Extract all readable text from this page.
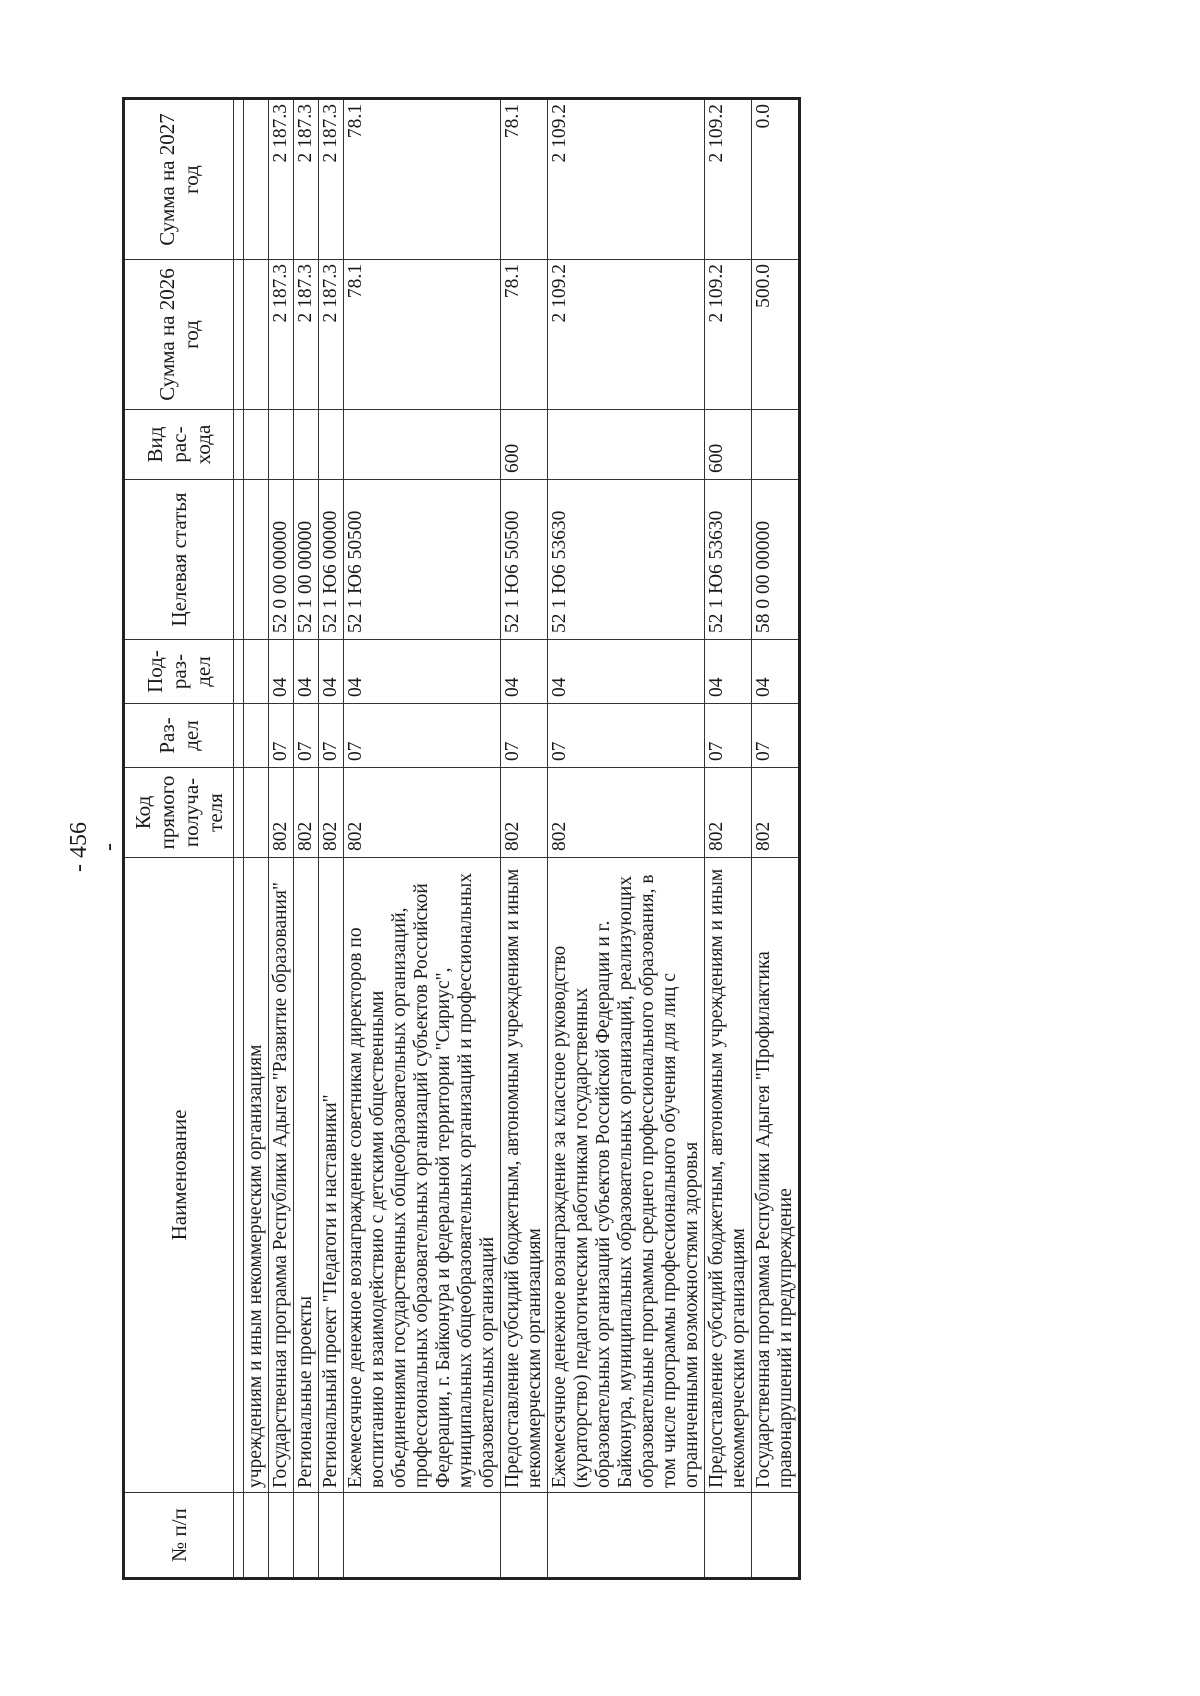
- 456 -
№ п/п	Наименование	Код прямого получа-теля	Раз-дел	Под-раз-дел	Целевая статья	Вид рас-хода	Сумма на 2026 год	Сумма на 2027 год

	учреждениям и иным некоммерческим организациям							
	Государственная программа Республики Адыгея "Развитие образования"	802	07	04	52 0 00 00000		2 187.3	2 187.3
	Региональные проекты	802	07	04	52 1 00 00000		2 187.3	2 187.3
	Региональный проект "Педагоги и наставники"	802	07	04	52 1 Ю6 00000		2 187.3	2 187.3
	Ежемесячное денежное вознаграждение советникам директоров по воспитанию и взаимодействию с детскими общественными объединениями государственных общеобразовательных организаций, профессиональных образовательных организаций субъектов Российской Федерации, г. Байконура и федеральной территории "Сириус", муниципальных общеобразовательных организаций и профессиональных образовательных организаций	802	07	04	52 1 Ю6 50500		78.1	78.1
	Предоставление субсидий бюджетным, автономным учреждениям и иным некоммерческим организациям	802	07	04	52 1 Ю6 50500	600	78.1	78.1
	Ежемесячное денежное вознаграждение за классное руководство (кураторство) педагогическим работникам государственных образовательных организаций субъектов Российской Федерации и г. Байконура, муниципальных образовательных организаций, реализующих образовательные программы среднего профессионального образования, в том числе программы профессионального обучения для лиц с ограниченными возможностями здоровья	802	07	04	52 1 Ю6 53630		2 109.2	2 109.2
	Предоставление субсидий бюджетным, автономным учреждениям и иным некоммерческим организациям	802	07	04	52 1 Ю6 53630	600	2 109.2	2 109.2
	Государственная программа Республики Адыгея "Профилактика правонарушений и предупреждение	802	07	04	58 0 00 00000		500.0	0.0
